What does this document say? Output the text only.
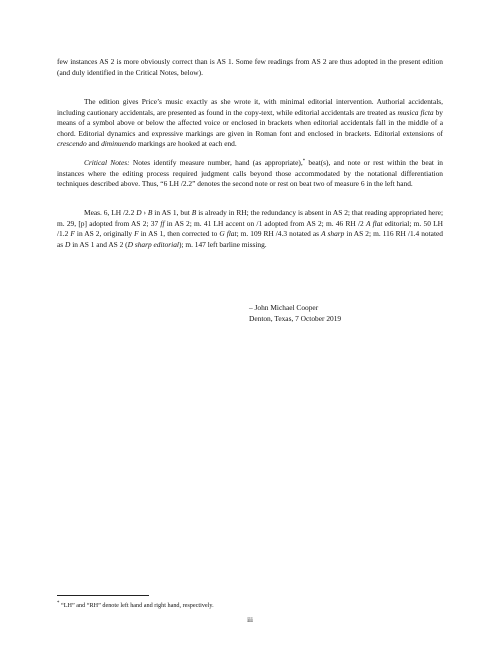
few instances AS 2 is more obviously correct than is AS 1. Some few readings from AS 2 are thus adopted in the present edition (and duly identified in the Critical Notes, below).

The edition gives Price’s music exactly as she wrote it, with minimal editorial intervention. Authorial accidentals, including cautionary accidentals, are presented as found in the copy-text, while editorial accidentals are treated as musica ficta by means of a symbol above or below the affected voice or enclosed in brackets when editorial accidentals fall in the middle of a chord. Editorial dynamics and expressive markings are given in Roman font and enclosed in brackets. Editorial extensions of crescendo and diminuendo markings are hooked at each end.

Critical Notes: Notes identify measure number, hand (as appropriate),* beat(s), and note or rest within the beat in instances where the editing process required judgment calls beyond those accommodated by the notational differentiation techniques described above. Thus, “6 LH /2.2” denotes the second note or rest on beat two of measure 6 in the left hand.

Meas. 6, LH /2.2 D › B in AS 1, but B is already in RH; the redundancy is absent in AS 2; that reading appropriated here; m. 29, [p] adopted from AS 2; 37 ff in AS 2; m. 41 LH accent on /1 adopted from AS 2; m. 46 RH /2 A flat editorial; m. 50 LH /1.2 F in AS 2, originally F in AS 1, then corrected to G flat; m. 109 RH /4.3 notated as A sharp in AS 2; m. 116 RH /1.4 notated as D in AS 1 and AS 2 (D sharp editorial); m. 147 left barline missing.

– John Michael Cooper
Denton, Texas, 7 October 2019
* “LH” and “RH” denote left hand and right hand, respectively.
iii
